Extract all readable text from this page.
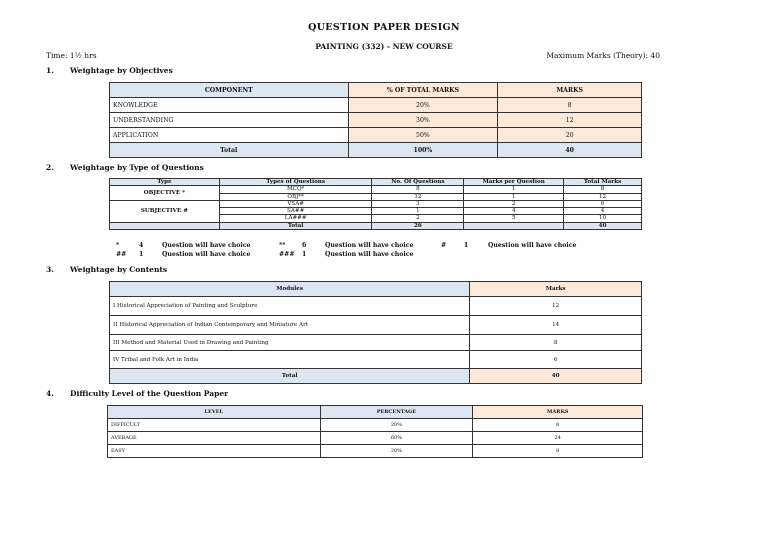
QUESTION PAPER DESIGN
PAINTING (332) - NEW COURSE
Time: 1½ hrs	Maximum Marks (Theory): 40
1. Weightage by Objectives
COMPONENT	% OF TOTAL MARKS	MARKS
KNOWLEDGE	20%	8
UNDERSTANDING	30%	12
APPLICATION	50%	20
Total	100%	40
2. Weightage by Type of Questions
Type	Types of Questions	No. Of Questions	Marks per Question	Total Marks
OBJECTIVE *	MCQ*	8	1	8
	OBJ**	12	1	12
SUBJECTIVE #	VSA#	3	2	6
	SA##	1	4	4
	LA###	2	5	10
	Total	26		40
*	4	Question will have choice	**	6	Question will have choice	#	1	Question will have choice
## 1	Question will have choice	### 1	Question will have choice
3. Weightage by Contents
Modules	Marks
I Historical Appreciation of Painting and Sculpture	12
II Historical Appreciation of Indian Contemporary and Miniature Art	14
III Method and Material Used in Drawing and Painting	8
IV Tribal and Folk Art in India	6
Total	40
4. Difficulty Level of the Question Paper
LEVEL	PERCENTAGE	MARKS
DIFFICULT	20%	8
AVERAGE	60%	24
EASY	20%	8
